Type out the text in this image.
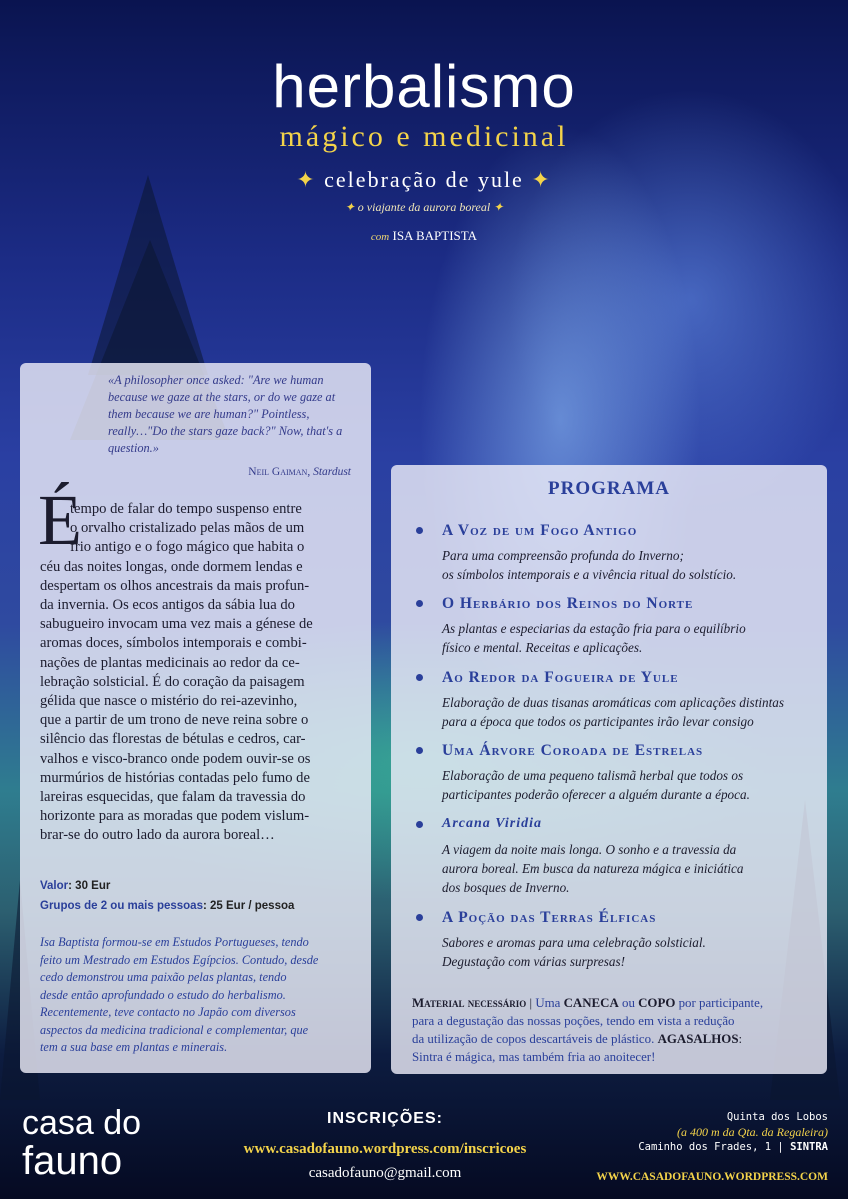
herbalismo
mágico e medicinal
✦ celebração de yule ✦
✦ o viajante da aurora boreal ✦
com ISA BAPTISTA
«A philosopher once asked: "Are we human because we gaze at the stars, or do we gaze at them because we are human?" Pointless, really…"Do the stars gaze back?" Now, that's a question.»
Neil Gaiman, Stardust
É
tempo de falar do tempo suspenso entre
o orvalho cristalizado pelas mãos de um
frio antigo e o fogo mágico que habita o
céu das noites longas, onde dormem lendas e
despertam os olhos ancestrais da mais profun-
da invernia. Os ecos antigos da sábia lua do
sabugueiro invocam uma vez mais a génese de
aromas doces, símbolos intemporais e combi-
nações de plantas medicinais ao redor da ce-
lebração solsticial. É do coração da paisagem
gélida que nasce o mistério do rei-azevinho,
que a partir de um trono de neve reina sobre o
silêncio das florestas de bétulas e cedros, car-
valhos e visco-branco onde podem ouvir-se os
murmúrios de histórias contadas pelo fumo de
lareiras esquecidas, que falam da travessia do
horizonte para as moradas que podem vislum-
brar-se do outro lado da aurora boreal…
Valor: 30 Eur
Grupos de 2 ou mais pessoas: 25 Eur / pessoa
Isa Baptista formou-se em Estudos Portugueses, tendo
feito um Mestrado em Estudos Egípcios. Contudo, desde
cedo demonstrou uma paixão pelas plantas, tendo
desde então aprofundado o estudo do herbalismo.
Recentemente, teve contacto no Japão com diversos
aspectos da medicina tradicional e complementar, que
tem a sua base em plantas e minerais.
PROGRAMA
A Voz de um Fogo Antigo
Para uma compreensão profunda do Inverno;
os símbolos intemporais e a vivência ritual do solstício.
O Herbário dos Reinos do Norte
As plantas e especiarias da estação fria para o equilíbrio
físico e mental. Receitas e aplicações.
Ao Redor da Fogueira de Yule
Elaboração de duas tisanas aromáticas com aplicações distintas
para a época que todos os participantes irão levar consigo
Uma Árvore Coroada de Estrelas
Elaboração de uma pequeno talismã herbal que todos os
participantes poderão oferecer a alguém durante a época.
Arcana Viridia
A viagem da noite mais longa. O sonho e a travessia da
aurora boreal. Em busca da natureza mágica e iniciática
dos bosques de Inverno.
A Poção das Terras Élficas
Sabores e aromas para uma celebração solsticial.
Degustação com várias surpresas!
Material necessário | Uma CANECA ou COPO por participante,
para a degustação das nossas poções, tendo em vista a redução
da utilização de copos descartáveis de plástico. AGASALHOS:
Sintra é mágica, mas também fria ao anoitecer!
casa do
fauno
INSCRIÇÕES:
www.casadofauno.wordpress.com/inscricoes
casadofauno@gmail.com
Quinta dos Lobos
(a 400 m da Qta. da Regaleira)
Caminho dos Frades, 1 | SINTRA
WWW.CASADOFAUNO.WORDPRESS.COM
